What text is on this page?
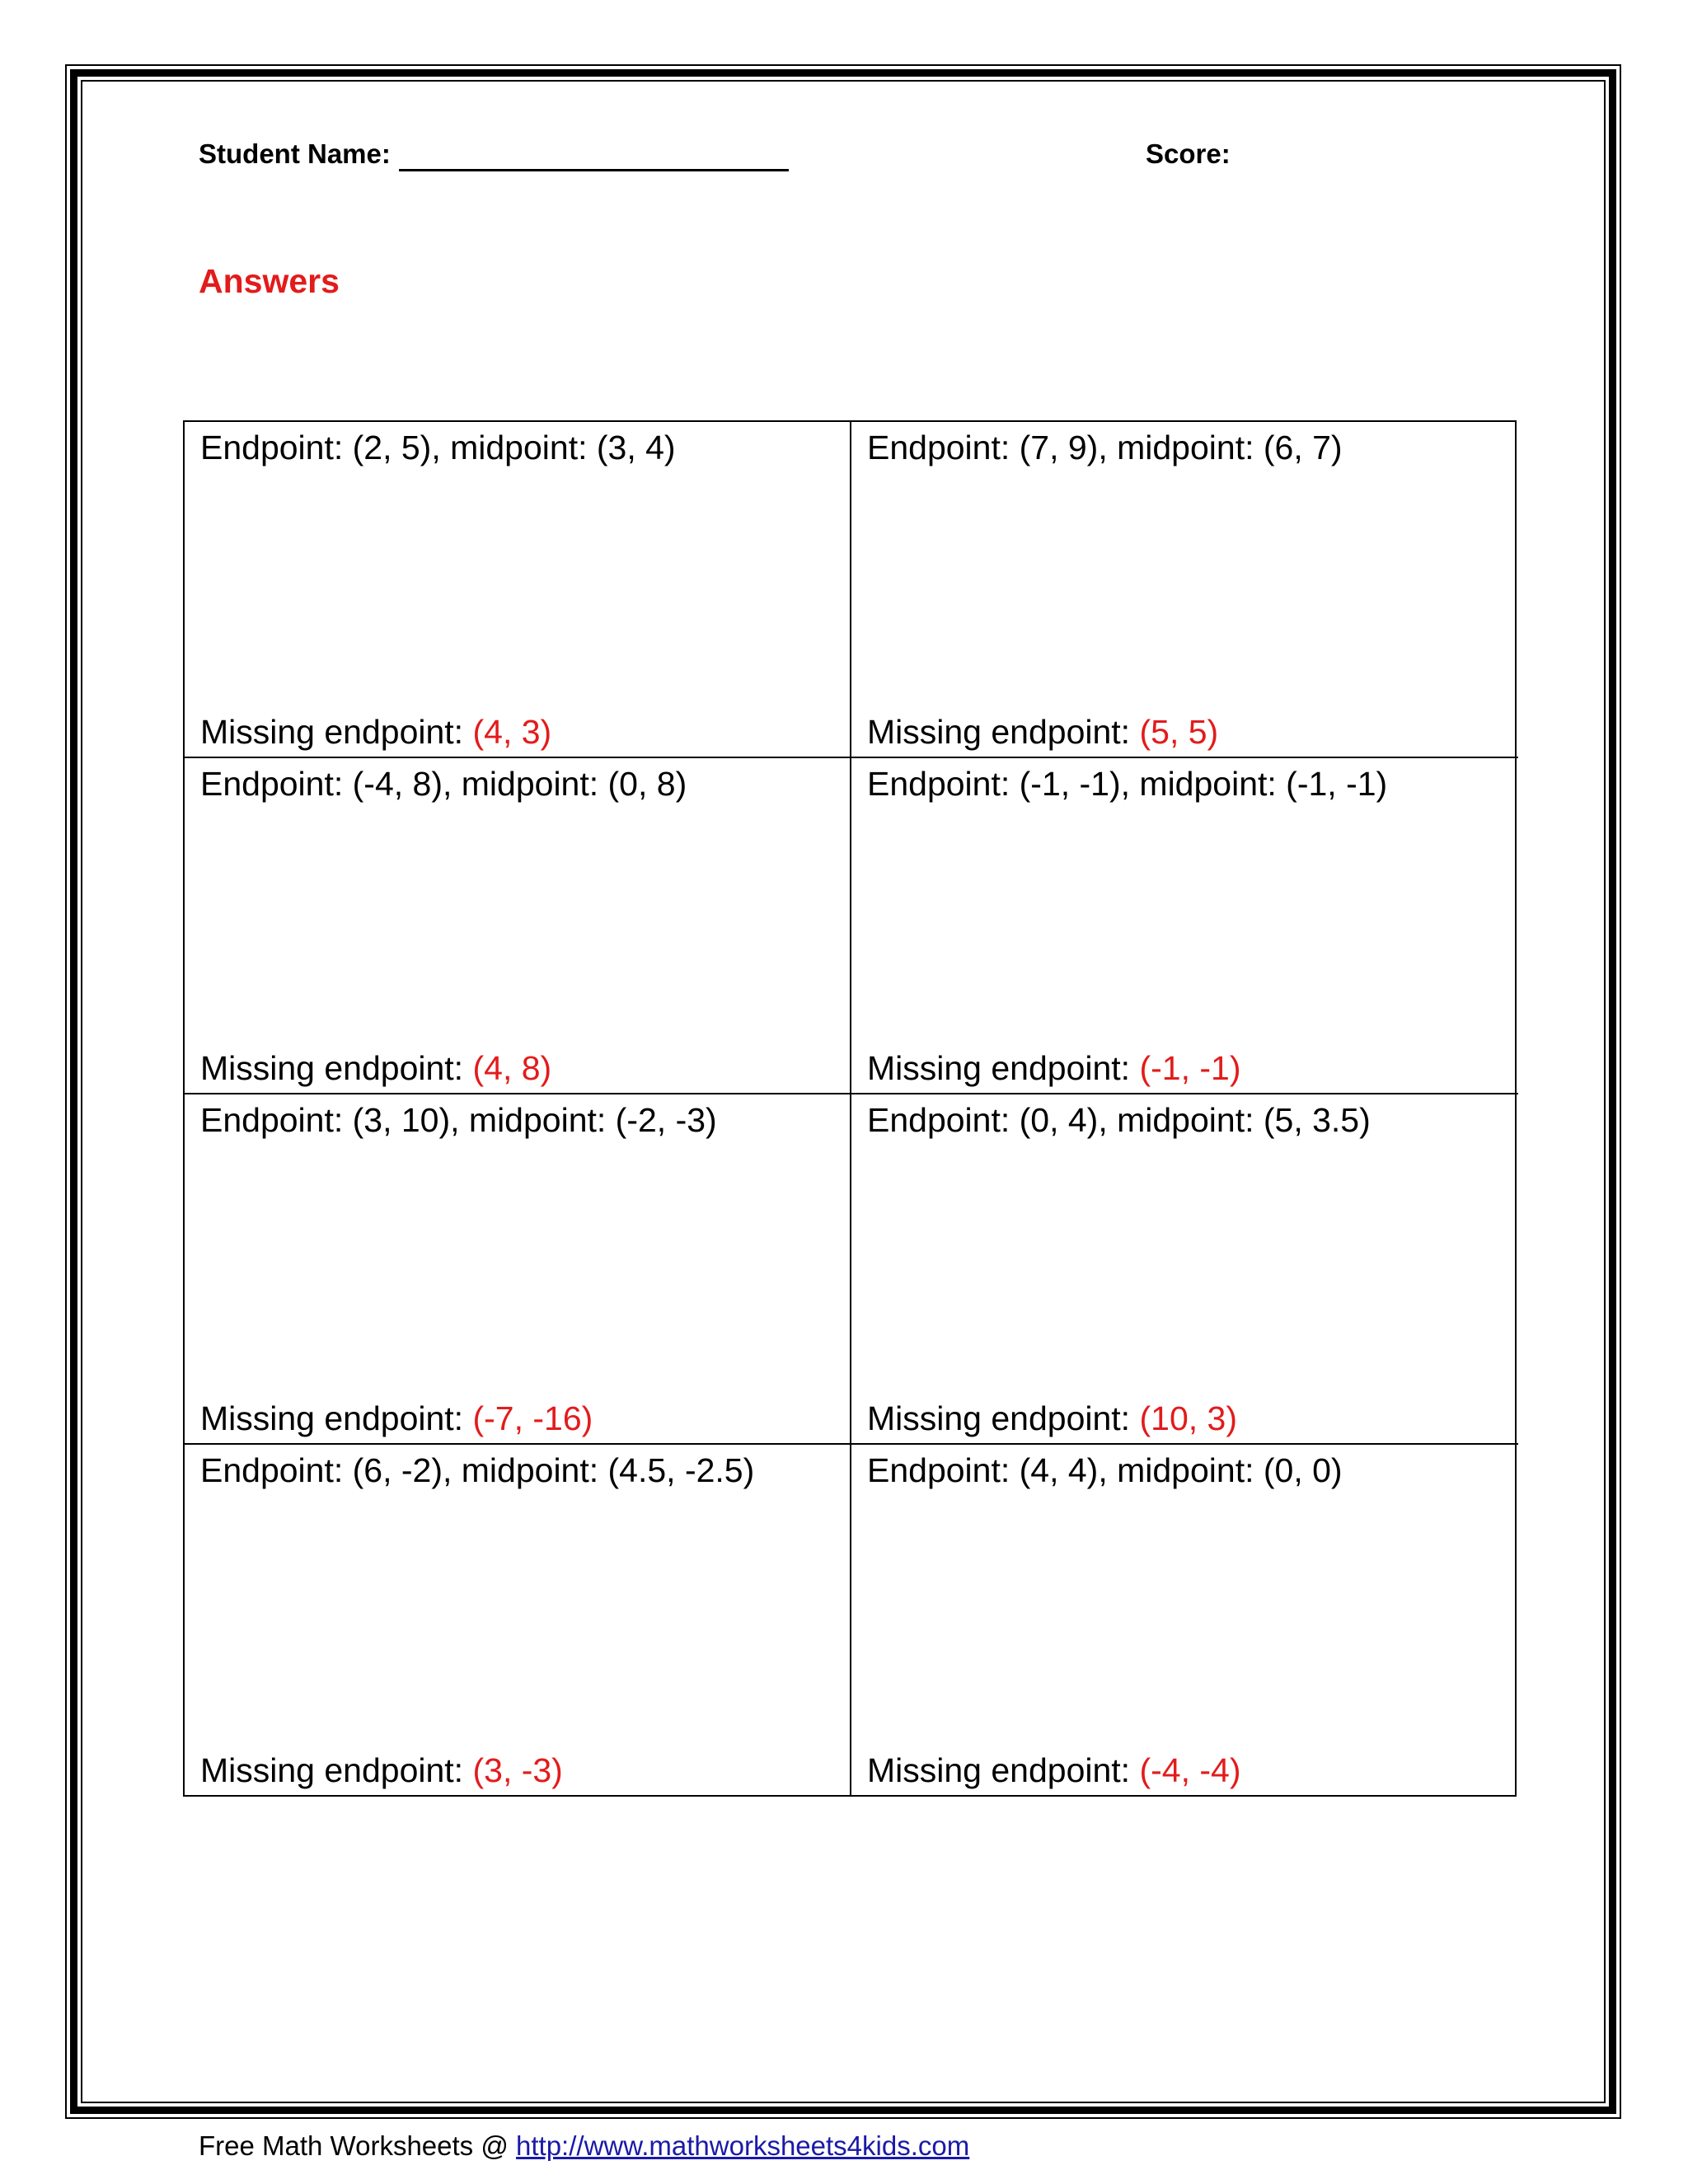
Student Name:	Score:
Answers
Endpoint: (2, 5), midpoint: (3, 4)
Missing endpoint: (4, 3)
Endpoint: (7, 9), midpoint: (6, 7)
Missing endpoint: (5, 5)
Endpoint: (-4, 8), midpoint: (0, 8)
Missing endpoint: (4, 8)
Endpoint: (-1, -1), midpoint: (-1, -1)
Missing endpoint: (-1, -1)
Endpoint: (3, 10), midpoint: (-2, -3)
Missing endpoint: (-7, -16)
Endpoint: (0, 4), midpoint: (5, 3.5)
Missing endpoint: (10, 3)
Endpoint: (6, -2), midpoint: (4.5, -2.5)
Missing endpoint: (3, -3)
Endpoint: (4, 4), midpoint: (0, 0)
Missing endpoint: (-4, -4)
Free Math Worksheets @ http://www.mathworksheets4kids.com
